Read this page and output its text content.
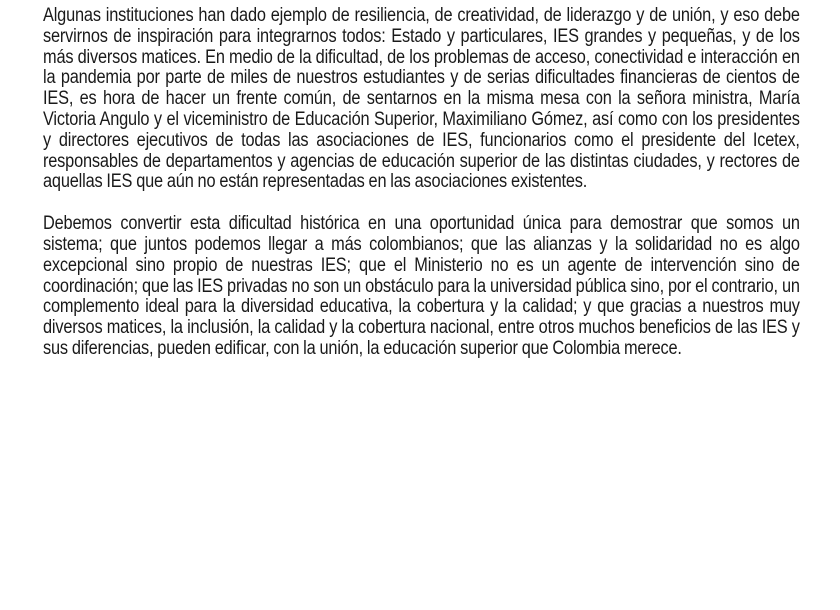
Algunas instituciones han dado ejemplo de resiliencia, de creatividad, de liderazgo y de unión, y eso debe servirnos de inspiración para integrarnos todos: Estado y particulares, IES grandes y pequeñas, y de los más diversos matices. En medio de la dificultad, de los problemas de acceso, conectividad e interacción en la pandemia por parte de miles de nuestros estudiantes y de serias dificultades financieras de cientos de IES, es hora de hacer un frente común, de sentarnos en la misma mesa con la señora ministra, María Victoria Angulo y el viceministro de Educación Superior, Maximiliano Gómez, así como con los presidentes y directores ejecutivos de todas las asociaciones de IES, funcionarios como el presidente del Icetex, responsables de departamentos y agencias de educación superior de las distintas ciudades, y rectores de aquellas IES que aún no están representadas en las asociaciones existentes.

Debemos convertir esta dificultad histórica en una oportunidad única para demostrar que somos un sistema; que juntos podemos llegar a más colombianos; que las alianzas y la solidaridad no es algo excepcional sino propio de nuestras IES; que el Ministerio no es un agente de intervención sino de coordinación; que las IES privadas no son un obstáculo para la universidad pública sino, por el contrario, un complemento ideal para la diversidad educativa, la cobertura y la calidad; y que gracias a nuestros muy diversos matices, la inclusión, la calidad y la cobertura nacional, entre otros muchos beneficios de las IES y sus diferencias, pueden edificar, con la unión, la educación superior que Colombia merece.
